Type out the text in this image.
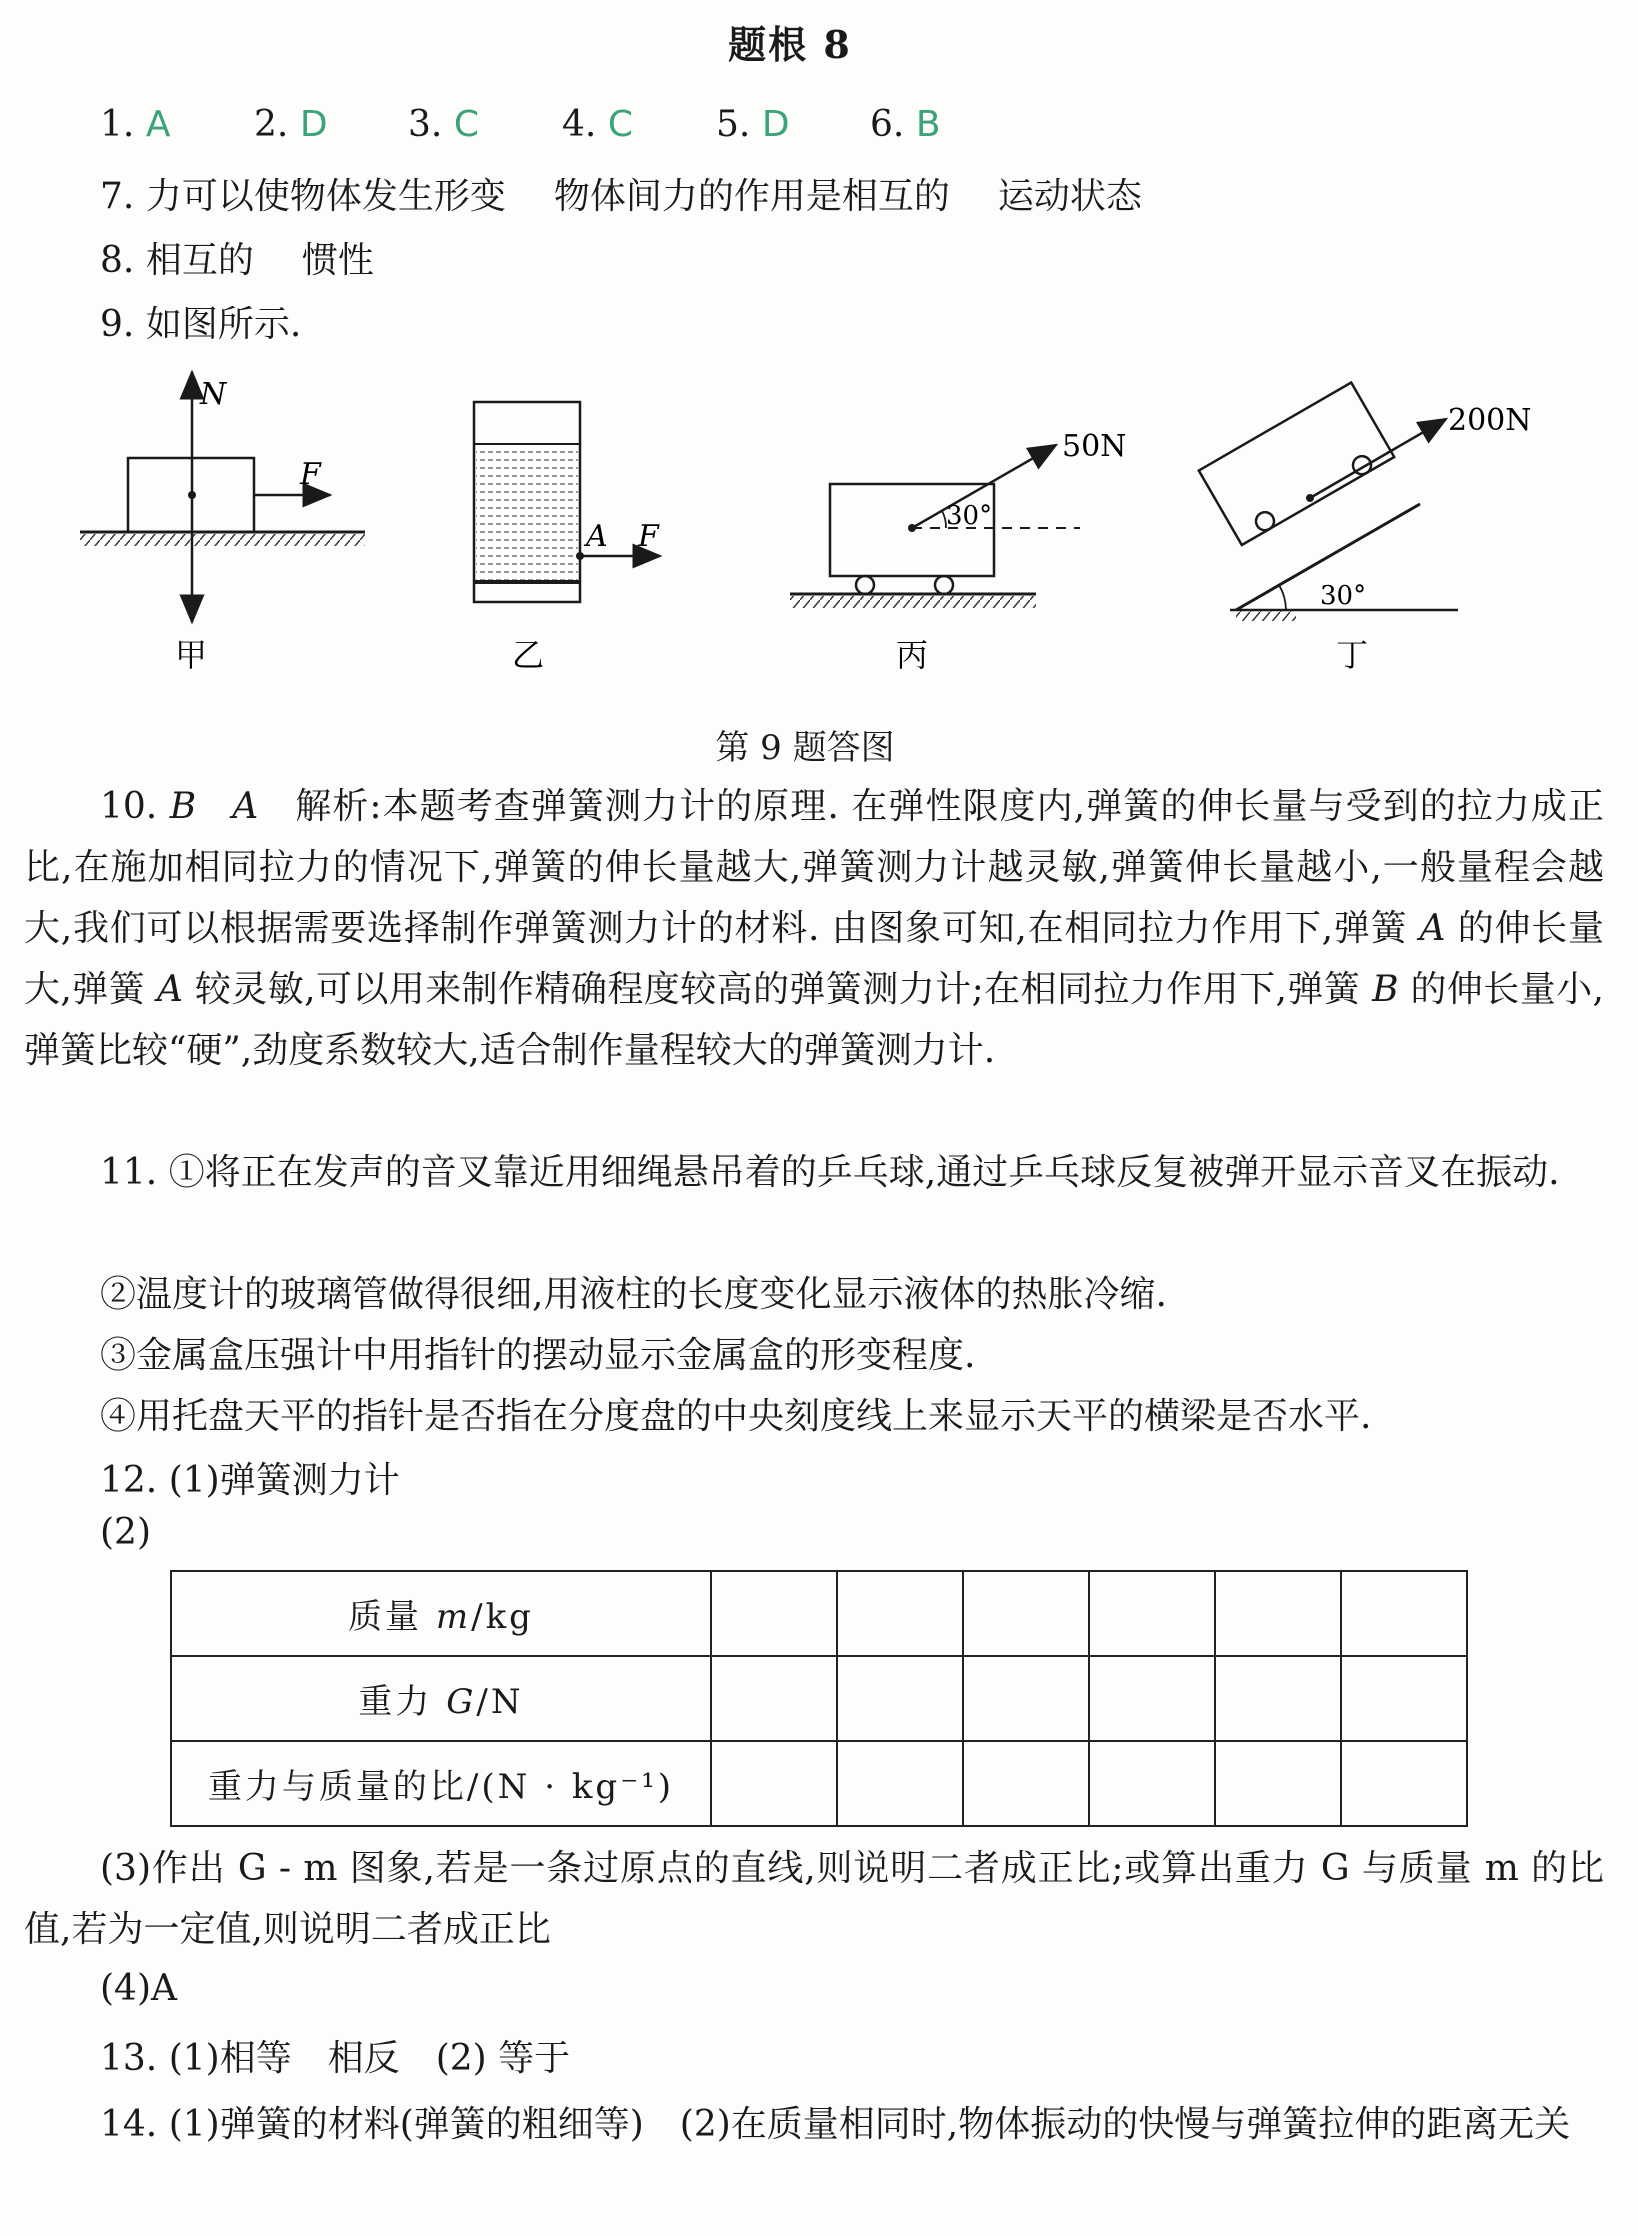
题根 8
1. A 2. D 3. C 4. C 5. D 6. B
7. 力可以使物体发生形变 物体间力的作用是相互的 运动状态
8. 相互的 惯性
9. 如图所示.
N
F
甲
A F
乙
30°
50N
丙
30°
200N
丁
第 9 题答图
10. B A 解析:本题考查弹簧测力计的原理. 在弹性限度内,弹簧的伸长量与受到的拉力成正比,在施加相同拉力的情况下,弹簧的伸长量越大,弹簧测力计越灵敏,弹簧伸长量越小,一般量程会越大,我们可以根据需要选择制作弹簧测力计的材料. 由图象可知,在相同拉力作用下,弹簧 A 的伸长量大,弹簧 A 较灵敏,可以用来制作精确程度较高的弹簧测力计;在相同拉力作用下,弹簧 B 的伸长量小,弹簧比较“硬”,劲度系数较大,适合制作量程较大的弹簧测力计.
11. ①将正在发声的音叉靠近用细绳悬吊着的乒乓球,通过乒乓球反复被弹开显示音叉在振动.
②温度计的玻璃管做得很细,用液柱的长度变化显示液体的热胀冷缩.
③金属盒压强计中用指针的摆动显示金属盒的形变程度.
④用托盘天平的指针是否指在分度盘的中央刻度线上来显示天平的横梁是否水平.
12. (1)弹簧测力计
(2)
质量 m/kg						
重力 G/N						
重力与质量的比/(N · kg⁻¹)						
(3)作出 G - m 图象,若是一条过原点的直线,则说明二者成正比;或算出重力 G 与质量 m 的比值,若为一定值,则说明二者成正比
(4)A
13. (1)相等　相反　(2) 等于
14. (1)弹簧的材料(弹簧的粗细等)　(2)在质量相同时,物体振动的快慢与弹簧拉伸的距离无关
